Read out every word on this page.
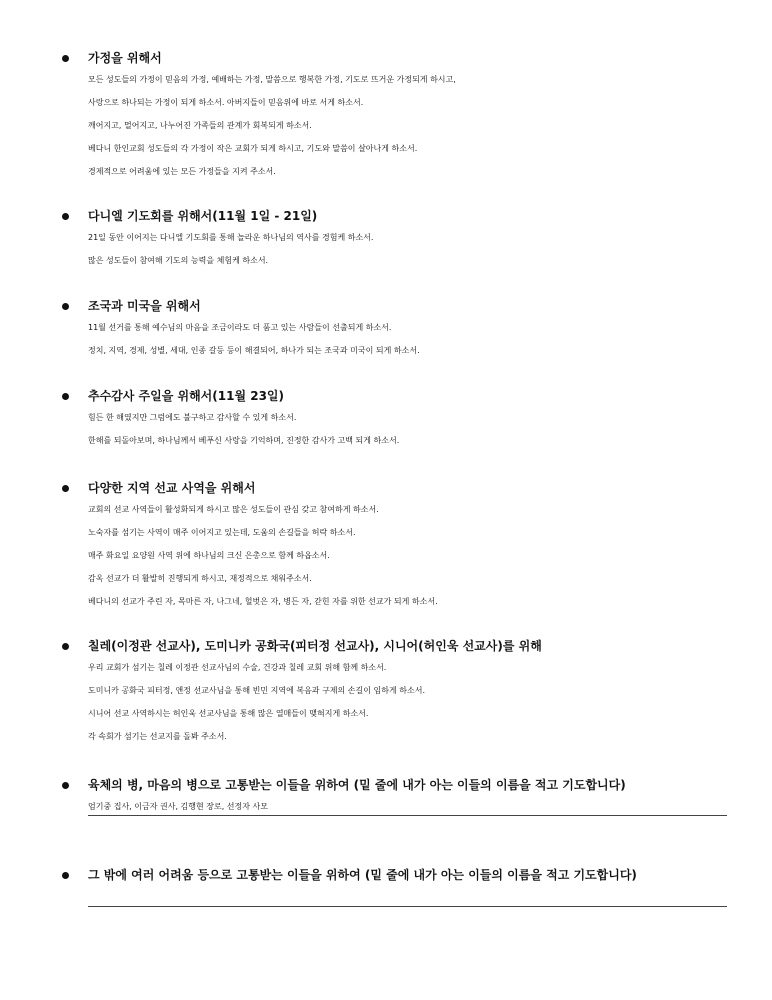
가정을 위해서
모든 성도들의 가정이 믿음의 가정, 예배하는 가정, 말씀으로 행복한 가정, 기도로 뜨거운 가정되게 하시고,
사랑으로 하나되는 가정이 되게 하소서. 아버지들이 믿음위에 바로 서게 하소서.
깨어지고, 멀어지고, 나누어진 가족들의 관계가 회복되게 하소서.
베다니 한인교회 성도들의 각 가정이 작은 교회가 되게 하시고, 기도와 말씀이 살아나게 하소서.
경제적으로 어려움에 있는 모든 가정들을 지켜 주소서.
다니엘 기도회를 위해서(11월 1일 - 21일)
21일 동안 이어지는 다니엘 기도회를 통해 놀라운 하나님의 역사를 경험케 하소서.
많은 성도들이 참여해 기도의 능력을 체험케 하소서.
조국과 미국을 위해서
11월 선거를 통해 예수님의 마음을 조금이라도 더 품고 있는 사람들이 선출되게 하소서.
정치, 지역, 경제, 성별, 세대, 인종 갈등 등이 해결되어, 하나가 되는 조국과 미국이 되게 하소서.
추수감사 주일을 위해서(11월 23일)
힘든 한 해였지만 그럼에도 불구하고 감사할 수 있게 하소서.
한해를 되돌아보며, 하나님께서 베푸신 사랑을 기억하며, 진정한 감사가 고백 되게 하소서.
다양한 지역 선교 사역을 위해서
교회의 선교 사역들이 활성화되게 하시고 많은 성도들이 관심 갖고 참여하게 하소서.
노숙자를 섬기는 사역이 매주 이어지고 있는데, 도움의 손길들을 허락 하소서.
매주 화요일 요양원 사역 위에 하나님의 크신 은총으로 함께 하옵소서.
감옥 선교가 더 활발히 진행되게 하시고, 재정적으로 채워주소서.
베다니의 선교가 주린 자, 목마른 자, 나그네, 헐벗은 자, 병든 자, 갇힌 자를 위한 선교가 되게 하소서.
칠레(이정관 선교사), 도미니카 공화국(피터정 선교사), 시니어(허인욱 선교사)를 위해
우리 교회가 섬기는 칠레 이정관 선교사님의 수술, 건강과 칠레 교회 위해 함께 하소서.
도미니카 공화국 피터정, 앤정 선교사님을 통해 빈민 지역에 복음과 구제의 손길이 임하게 하소서.
시니어 선교 사역하시는 허인욱 선교사님을 통해 많은 열매들이 맺혀지게 하소서.
각 속회가 섬기는 선교지를 돌봐 주소서.
육체의 병, 마음의 병으로 고통받는 이들을 위하여 (밑 줄에 내가 아는 이들의 이름을 적고 기도합니다)
엄기중 집사, 이금자 권사, 김행현 장로, 선정자 사모
그 밖에 여러 어려움 등으로 고통받는 이들을 위하여 (밑 줄에 내가 아는 이들의 이름을 적고 기도합니다)
